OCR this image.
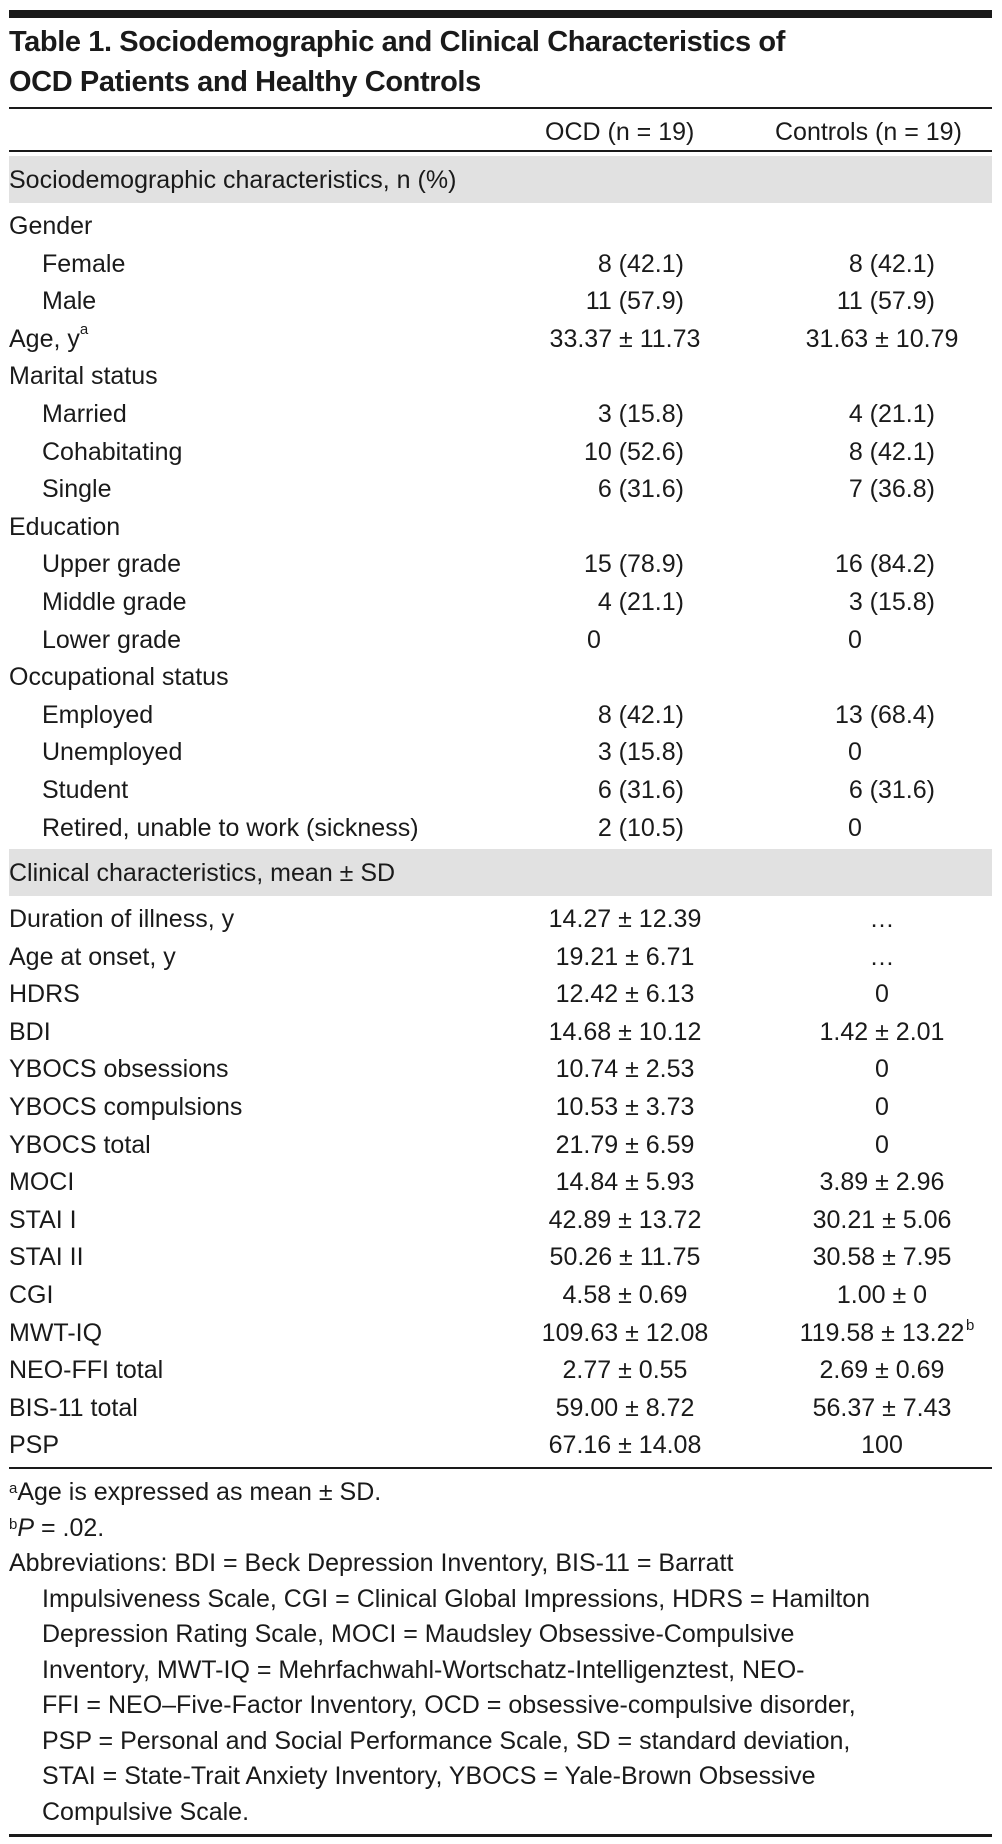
Table 1. Sociodemographic and Clinical Characteristics of
OCD Patients and Healthy Controls
OCD (n = 19)	Controls (n = 19)
Sociodemographic characteristics, n (%)
Gender
Female	8 (42.1)	8 (42.1)
Male	11 (57.9)	11 (57.9)
Age, $y^a$	33.37 ± 11.73	31.63 ± 10.79
Marital status
Married	3 (15.8)	4 (21.1)
Cohabitating	10 (52.6)	8 (42.1)
Single	6 (31.6)	7 (36.8)
Education
Upper grade	15 (78.9)	16 (84.2)
Middle grade	4 (21.1)	3 (15.8)
Lower grade	0	0
Occupational status
Employed	8 (42.1)	13 (68.4)
Unemployed	3 (15.8)	0
Student	6 (31.6)	6 (31.6)
Retired, unable to work (sickness)	2 (10.5)	0
Clinical characteristics, mean ± SD
Duration of illness, y	14.27 ± 12.39	…
Age at onset, y	19.21 ± 6.71	…
HDRS	12.42 ± 6.13	0
BDI	14.68 ± 10.12	1.42 ± 2.01
YBOCS obsessions	10.74 ± 2.53	0
YBOCS compulsions	10.53 ± 3.73	0
YBOCS total	21.79 ± 6.59	0
MOCI	14.84 ± 5.93	3.89 ± 2.96
STAI I	42.89 ± 13.72	30.21 ± 5.06
STAI II	50.26 ± 11.75	30.58 ± 7.95
CGI	4.58 ± 0.69	1.00 ± 0
MWT-IQ	109.63 ± 12.08	119.58 ± 13.22 b
NEO-FFI total	2.77 ± 0.55	2.69 ± 0.69
BIS-11 total	59.00 ± 8.72	56.37 ± 7.43
PSP	67.16 ± 14.08	100
$^a$Age is expressed as mean ± SD.
$^b$P = .02.
Abbreviations: BDI = Beck Depression Inventory, BIS-11 = Barratt
Impulsiveness Scale, CGI = Clinical Global Impressions, HDRS = Hamilton
Depression Rating Scale, MOCI = Maudsley Obsessive-Compulsive
Inventory, MWT-IQ = Mehrfachwahl-Wortschatz-Intelligenztest, NEO-
FFI = NEO–Five-Factor Inventory, OCD = obsessive-compulsive disorder,
PSP = Personal and Social Performance Scale, SD = standard deviation,
STAI = State-Trait Anxiety Inventory, YBOCS = Yale-Brown Obsessive
Compulsive Scale.
